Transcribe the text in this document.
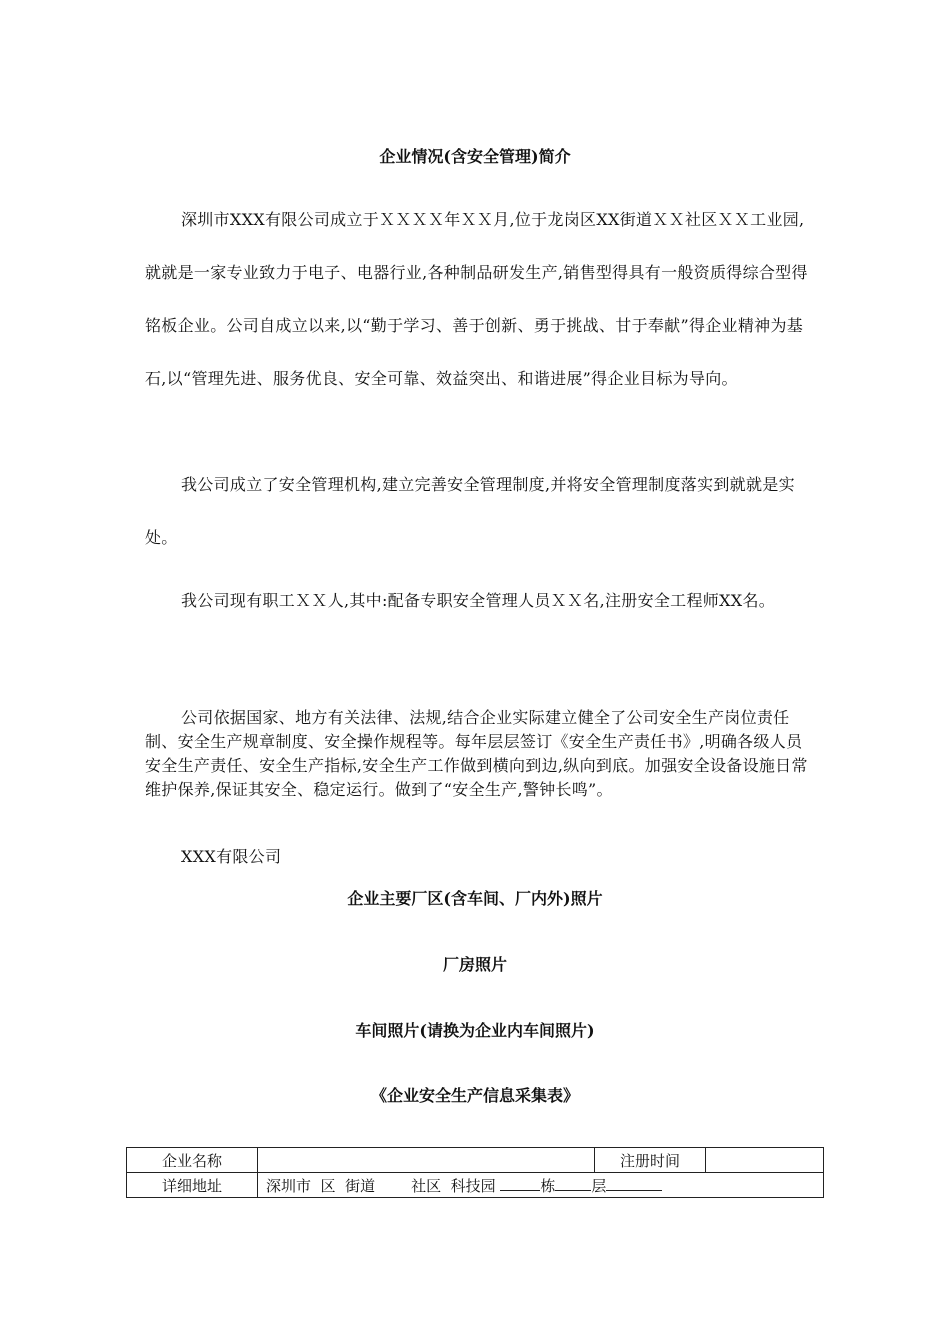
企业情况(含安全管理)简介
深圳市XXX有限公司成立于ＸＸＸＸ年ＸＸ月,位于龙岗区XX街道ＸＸ社区ＸＸ工业园,就就是一家专业致力于电子、电器行业,各种制品研发生产,销售型得具有一般资质得综合型得铭板企业。公司自成立以来,以“勤于学习、善于创新、勇于挑战、甘于奉献”得企业精神为基石,以“管理先进、服务优良、安全可靠、效益突出、和谐进展”得企业目标为导向。
我公司成立了安全管理机构,建立完善安全管理制度,并将安全管理制度落实到就就是实处。
我公司现有职工ＸＸ人,其中:配备专职安全管理人员ＸＸ名,注册安全工程师XX名。
公司依据国家、地方有关法律、法规,结合企业实际建立健全了公司安全生产岗位责任制、安全生产规章制度、安全操作规程等。每年层层签订《安全生产责任书》,明确各级人员安全生产责任、安全生产指标,安全生产工作做到横向到边,纵向到底。加强安全设备设施日常维护保养,保证其安全、稳定运行。做到了“安全生产,警钟长鸣”。
XXX有限公司
企业主要厂区(含车间、厂内外)照片
厂房照片
车间照片(请换为企业内车间照片)
《企业安全生产信息采集表》
企业名称		注册时间	
详细地址	深圳市  区  街道 社区  科技园 栋 层		
